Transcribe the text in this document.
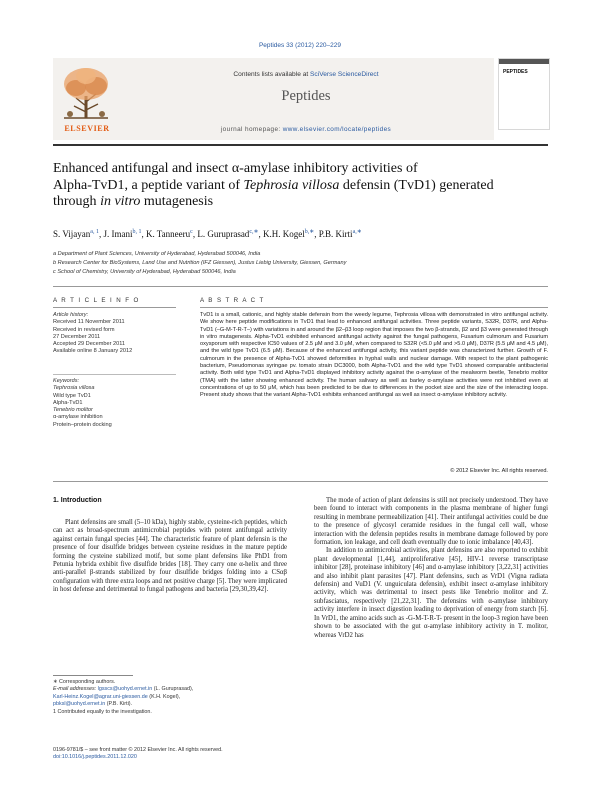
Peptides 33 (2012) 220–229
ELSEVIER
Contents lists available at SciVerse ScienceDirect
Peptides
journal homepage: www.elsevier.com/locate/peptides
PEPTIDES
Enhanced antifungal and insect α-amylase inhibitory activities of
Alpha-TvD1, a peptide variant of Tephrosia villosa defensin (TvD1) generated
through in vitro mutagenesis
S. Vijayan$^{a, 1}$, J. Imani$^{b, 1}$, K. Tanneeru$^c$, L. Guruprasad$^{c,∗}$, K.H. Kogel$^{b,∗}$, P.B. Kirti$^{a,∗}$
a Department of Plant Sciences, University of Hyderabad, Hyderabad 500046, India
b Research Center for BioSystems, Land Use and Nutrition (IFZ Giessen), Justus Liebig University, Giessen, Germany
c School of Chemistry, University of Hyderabad, Hyderabad 500046, India
A R T I C L E I N F O	A B S T R A C T
Article history:
Received 11 November 2011
Received in revised form
27 December 2011
Accepted 29 December 2011
Available online 8 January 2012
Keywords:
Tephrosia villosa
Wild type TvD1
Alpha-TvD1
Tenebrio molitor
α-amylase inhibition
Protein–protein docking
TvD1 is a small, cationic, and highly stable defensin from the weedy legume, Tephrosia villosa with demonstrated in vitro antifungal activity. We show here peptide modifications in TvD1 that lead to enhanced antifungal activities. Three peptide variants, S32R, D37R, and Alpha-TvD1 (–G-M-T-R-T–) with variations in and around the β2–β3 loop region that imposes the two β-strands, β2 and β3 were generated through in vitro mutagenesis. Alpha-TvD1 exhibited enhanced antifungal activity against the fungal pathogens, Fusarium culmorum and Fusarium oxysporum with respective IC50 values of 2.5 μM and 3.0 μM, when compared to S32R (<5.0 μM and >5.0 μM), D37R (5.5 μM and 4.5 μM), and the wild type TvD1 (6.5 μM). Because of the enhanced antifungal activity, this variant peptide was characterized further. Growth of F. culmorum in the presence of Alpha-TvD1 showed deformities in hyphal walls and nuclear damage. With respect to the plant pathogenic bacterium, Pseudomonas syringae pv. tomato strain DC3000, both Alpha-TvD1 and the wild type TvD1 showed comparable antibacterial activity. Both wild type TvD1 and Alpha-TvD1 displayed inhibitory activity against the α-amylase of the mealworm beetle, Tenebrio molitor (TMA) with the latter showing enhanced activity. The human salivary as well as barley α-amylase activities were not inhibited even at concentrations of up to 50 μM, which has been predicted to be due to differences in the pocket size and the size of the interacting loops. Present study shows that the variant Alpha-TvD1 exhibits enhanced antifungal as well as insect α-amylase inhibitory activity.
© 2012 Elsevier Inc. All rights reserved.
1. Introduction

Plant defensins are small (5–10 kDa), highly stable, cysteine-rich peptides, which can act as broad-spectrum antimicrobial peptides with potent antifungal activity against certain fungal species [44]. The characteristic feature of plant defensin is the presence of four disulfide bridges between cysteine residues in the mature peptide forming the cysteine stabilized motif, but some plant defensins like PhD1 from Petunia hybrida exhibit five disulfide brides [18]. They carry one α-helix and three anti-parallel β-strands stabilized by four disulfide bridges folding into a CSαβ configuration with three extra loops and net positive charge [5]. They were implicated in host defense and detrimental to fungal pathogens and bacteria [29,30,39,42].

The mode of action of plant defensins is still not precisely understood. They have been found to interact with components in the plasma membrane of higher fungi resulting in membrane permeabilization [41]. Their antifungal activities could be due to the presence of glycosyl ceramide residues in the fungal cell wall, whose interaction with the defensin peptides results in membrane damage followed by pore formation, ion leakage, and cell death eventually due to ionic imbalance [40,43].

In addition to antimicrobial activities, plant defensins are also reported to exhibit plant developmental [1,44], antiproliferative [45], HIV-1 reverse transcriptase inhibitor [28], proteinase inhibitory [46] and α-amylase inhibitory [3,22,31] activities and also inhibit plant parasites [47]. Plant defensins, such as VrD1 (Vigna radiata defensin) and VuD1 (V. unguiculata defensin), exhibit insect α-amylase inhibitory activity, which was detrimental to insect pests like Tenebrio molitor and Z. subfasciatus, respectively [21,22,31]. The defensins with α-amylase inhibitory activity interfere in insect digestion leading to deprivation of energy from starch [6]. In VrD1, the amino acids such as -G-M-T-R-T- present in the loop-3 region have been shown to be associated with the gut α-amylase inhibitory activity in T. molitor, whereas VrD2 has

∗ Corresponding authors.
E-mail addresses: lgsscs@uohyd.ernet.in (L. Guruprasad),
Karl-Heinz.Kogel@agrar.uni-giessen.de (K.H. Kogel),
pbksl@uohyd.ernet.in (P.B. Kirti).
1 Contributed equally to the investigation.
0196-9781/$ – see front matter © 2012 Elsevier Inc. All rights reserved.
doi:10.1016/j.peptides.2011.12.020
